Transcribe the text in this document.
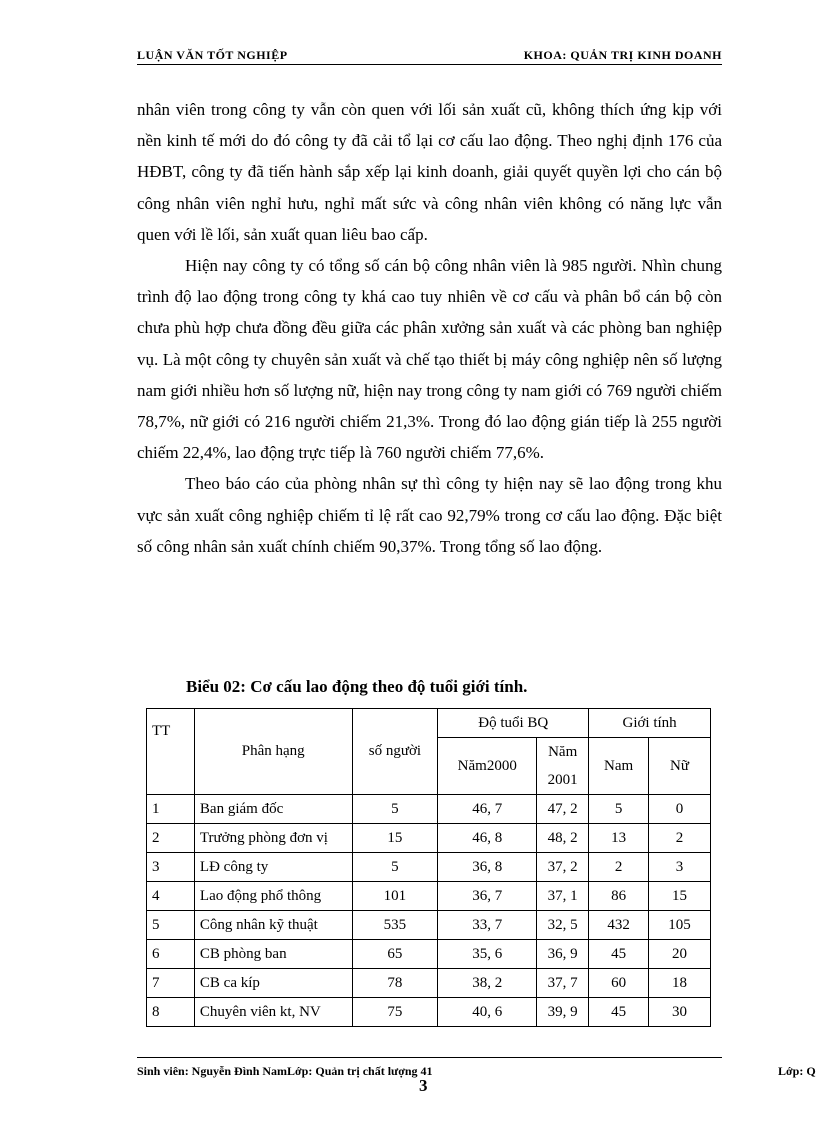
LUẬN VĂN TỐT NGHIỆP	KHOA: QUẢN TRỊ KINH DOANH

nhân viên trong công ty vẫn còn quen với lối sản xuất cũ, không thích ứng kịp với nền kinh tế mới do đó công ty đã cải tổ lại cơ cấu lao động. Theo nghị định 176 của HĐBT, công ty đã tiến hành sắp xếp lại kinh doanh, giải quyết quyền lợi cho cán bộ công nhân viên nghỉ hưu, nghỉ mất sức và công nhân viên không có năng lực vẫn quen với lề lối, sản xuất quan liêu bao cấp.

Hiện nay công ty có tổng số cán bộ công nhân viên là 985 người. Nhìn chung trình độ lao động trong công ty khá cao tuy nhiên về cơ cấu và phân bổ cán bộ còn chưa phù hợp chưa đồng đều giữa các phân xưởng sản xuất và các phòng ban nghiệp vụ. Là một công ty chuyên sản xuất và chế tạo thiết bị máy công nghiệp nên số lượng nam giới nhiều hơn số lượng nữ, hiện nay trong công ty nam giới có 769 người chiếm 78,7%, nữ giới có 216 người chiếm 21,3%. Trong đó lao động gián tiếp là 255 người chiếm 22,4%, lao động trực tiếp là 760 người chiếm 77,6%.

Theo báo cáo của phòng nhân sự thì công ty hiện nay sẽ lao động trong khu vực sản xuất công nghiệp chiếm tỉ lệ rất cao 92,79% trong cơ cấu lao động. Đặc biệt số công nhân sản xuất chính chiếm 90,37%. Trong tổng số lao động.

Biểu 02: Cơ cấu lao động theo độ tuổi giới tính.
TT	Phân hạng	số người	Độ tuổi BQ		Giới tính	
			Năm2000	Năm 2001	Nam	Nữ
1	Ban giám đốc	5	46, 7	47, 2	5	0
2	Trưởng phòng đơn vị	15	46, 8	48, 2	13	2
3	LĐ công ty	5	36, 8	37, 2	2	3
4	Lao động phổ thông	101	36, 7	37, 1	86	15
5	Công nhân kỹ thuật	535	33, 7	32, 5	432	105
6	CB phòng ban	65	35, 6	36, 9	45	20
7	CB ca kíp	78	38, 2	37, 7	60	18
8	Chuyên viên kt, NV	75	40, 6	39, 9	45	30
Sinh viên: Nguyễn Đình NamLớp: Quản trị chất lượng 41	Lớp: Q
3
